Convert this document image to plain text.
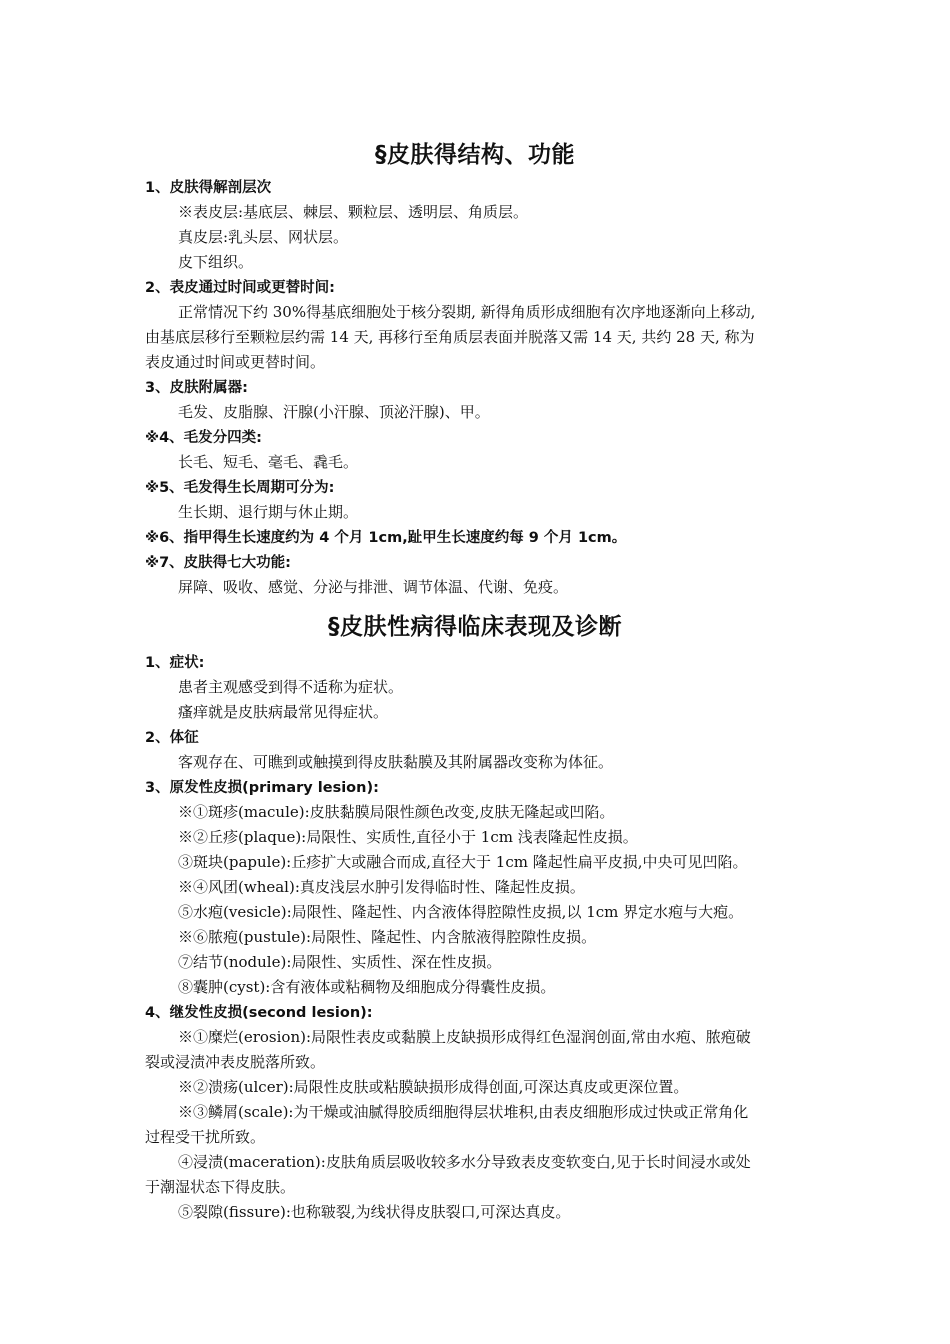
§皮肤得结构、功能
1、皮肤得解剖层次
※表皮层:基底层、棘层、颗粒层、透明层、角质层。
真皮层:乳头层、网状层。
皮下组织。
2、表皮通过时间或更替时间:
正常情况下约 30%得基底细胞处于核分裂期, 新得角质形成细胞有次序地逐渐向上移动,
由基底层移行至颗粒层约需 14 天, 再移行至角质层表面并脱落又需 14 天, 共约 28 天, 称为
表皮通过时间或更替时间。
3、皮肤附属器:
毛发、皮脂腺、汗腺(小汗腺、顶泌汗腺)、甲。
※4、毛发分四类:
长毛、短毛、毫毛、毳毛。
※5、毛发得生长周期可分为:
生长期、退行期与休止期。
※6、指甲得生长速度约为 4 个月 1cm,趾甲生长速度约每 9 个月 1cm。
※7、皮肤得七大功能:
屏障、吸收、感觉、分泌与排泄、调节体温、代谢、免疫。
§皮肤性病得临床表现及诊断
1、症状:
患者主观感受到得不适称为症状。
瘙痒就是皮肤病最常见得症状。
2、体征
客观存在、可瞧到或触摸到得皮肤黏膜及其附属器改变称为体征。
3、原发性皮损(primary lesion):
※①斑疹(macule):皮肤黏膜局限性颜色改变,皮肤无隆起或凹陷。
※②丘疹(plaque):局限性、实质性,直径小于 1cm 浅表隆起性皮损。
③斑块(papule):丘疹扩大或融合而成,直径大于 1cm 隆起性扁平皮损,中央可见凹陷。
※④风团(wheal):真皮浅层水肿引发得临时性、隆起性皮损。
⑤水疱(vesicle):局限性、隆起性、内含液体得腔隙性皮损,以 1cm 界定水疱与大疱。
※⑥脓疱(pustule):局限性、隆起性、内含脓液得腔隙性皮损。
⑦结节(nodule):局限性、实质性、深在性皮损。
⑧囊肿(cyst):含有液体或粘稠物及细胞成分得囊性皮损。
4、继发性皮损(second lesion):
※①糜烂(erosion):局限性表皮或黏膜上皮缺损形成得红色湿润创面,常由水疱、脓疱破
裂或浸渍冲表皮脱落所致。
※②溃疡(ulcer):局限性皮肤或粘膜缺损形成得创面,可深达真皮或更深位置。
※③鳞屑(scale):为干燥或油腻得胶质细胞得层状堆积,由表皮细胞形成过快或正常角化
过程受干扰所致。
④浸渍(maceration):皮肤角质层吸收较多水分导致表皮变软变白,见于长时间浸水或处
于潮湿状态下得皮肤。
⑤裂隙(fissure):也称皲裂,为线状得皮肤裂口,可深达真皮。
